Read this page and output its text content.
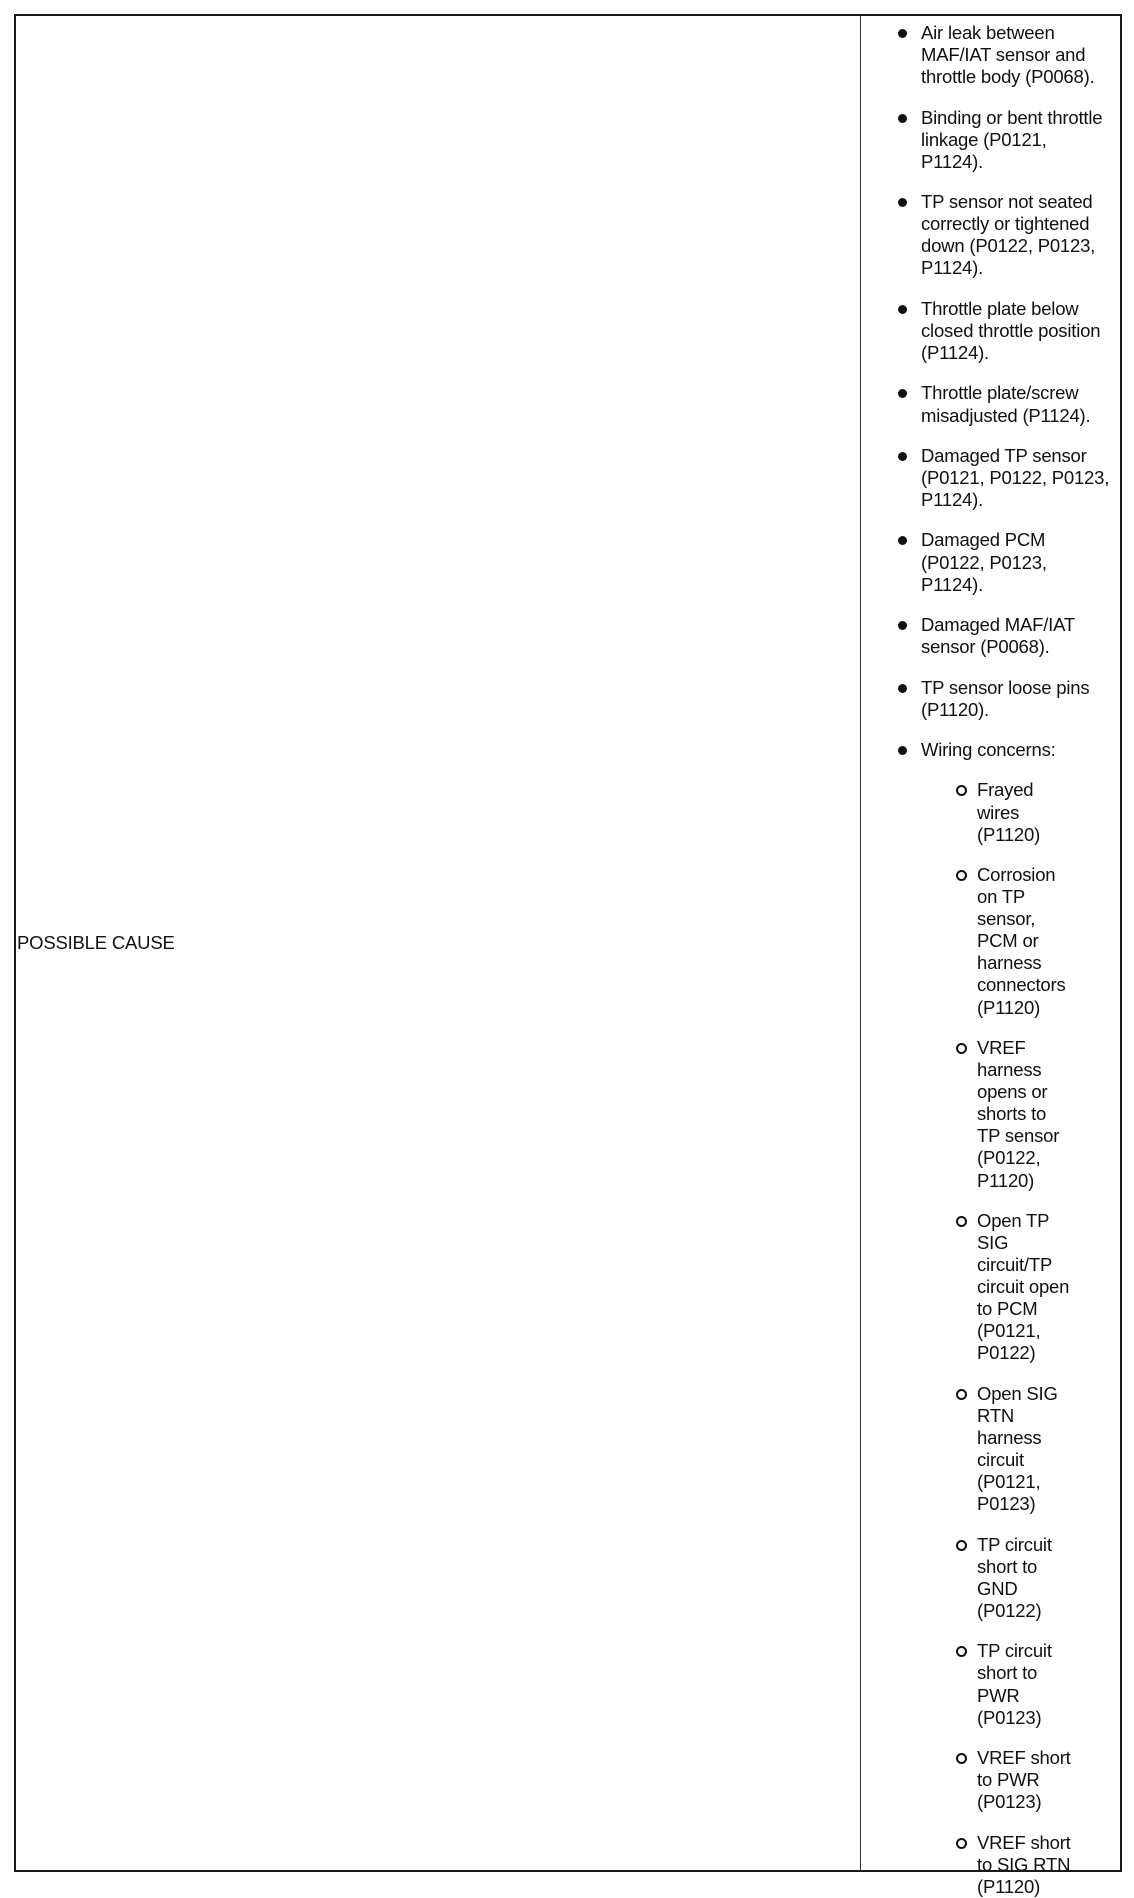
POSSIBLE CAUSE
Air leak between MAF/IAT sensor and throttle body (P0068).
Binding or bent throttle linkage (P0121, P1124).
TP sensor not seated correctly or tightened down (P0122, P0123, P1124).
Throttle plate below closed throttle position (P1124).
Throttle plate/screw misadjusted (P1124).
Damaged TP sensor (P0121, P0122, P0123, P1124).
Damaged PCM (P0122, P0123, P1124).
Damaged MAF/IAT sensor (P0068).
TP sensor loose pins (P1120).
Wiring concerns:
Frayed wires (P1120)
Corrosion on TP sensor, PCM or harness connectors (P1120)
VREF harness opens or shorts to TP sensor (P0122, P1120)
Open TP SIG circuit/TP circuit open to PCM (P0121, P0122)
Open SIG RTN harness circuit (P0121, P0123)
TP circuit short to GND (P0122)
TP circuit short to PWR (P0123)
VREF short to PWR (P0123)
VREF short to SIG RTN (P1120)
